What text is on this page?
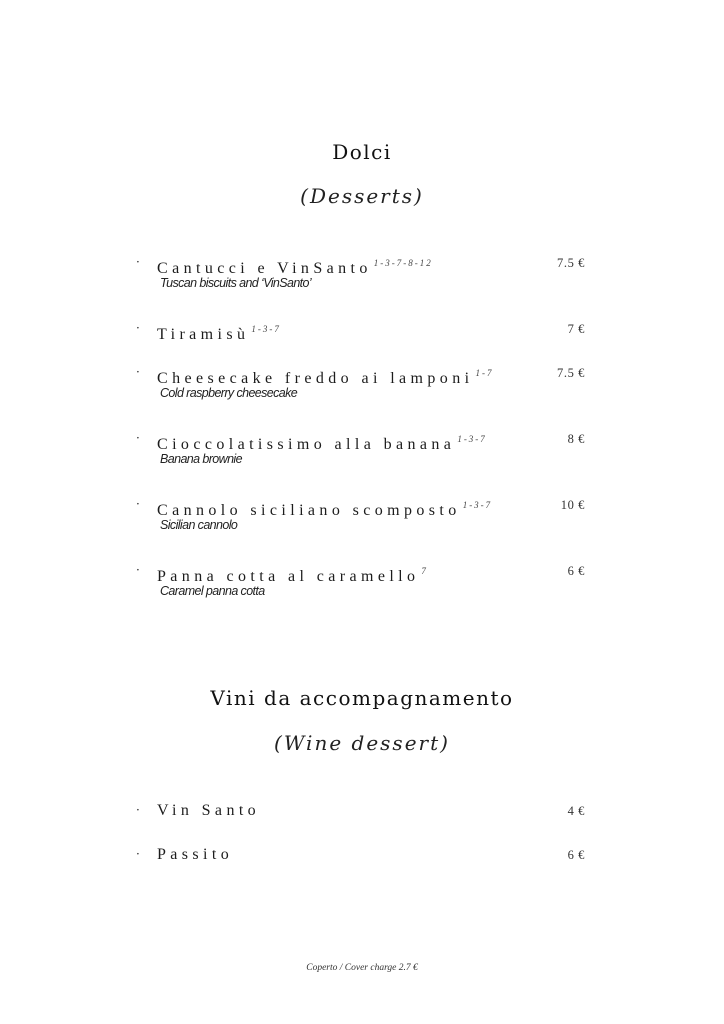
Dolci
(Desserts)
· Cantucci e VinSanto $^{1-3-7-8-12}$
Tuscan biscuits and ‘VinSanto’
7.5 €
· Tiramisù $^{1-3-7}$	7 €
· Cheesecake freddo ai lamponi $^{1-7}$
Cold raspberry cheesecake
7.5 €
· Cioccolatissimo alla banana $^{1-3-7}$
Banana brownie
8 €
· Cannolo siciliano scomposto $^{1-3-7}$
Sicilian cannolo
10 €
· Panna cotta al caramello $^7$
Caramel panna cotta
6 €
Vini da accompagnamento
(Wine dessert)
· Vin Santo	4 €
· Passito	6 €
Coperto / Cover charge 2.7 €
